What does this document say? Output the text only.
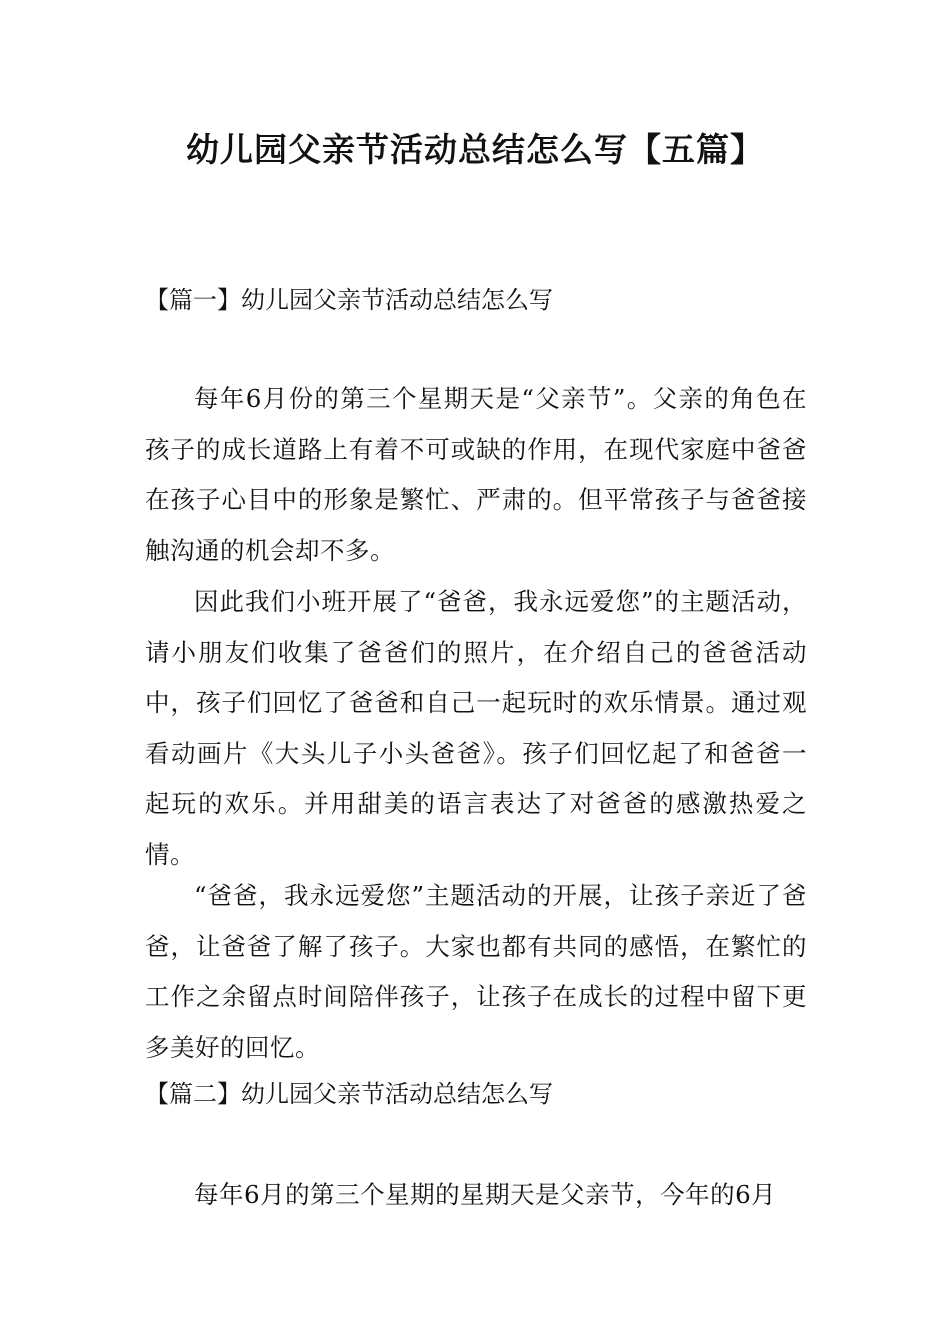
幼儿园父亲节活动总结怎么写【五篇】
【篇一】幼儿园父亲节活动总结怎么写
每年6月份的第三个星期天是“父亲节”。父亲的角色在孩子的成长道路上有着不可或缺的作用，在现代家庭中爸爸在孩子心目中的形象是繁忙、严肃的。但平常孩子与爸爸接触沟通的机会却不多。
因此我们小班开展了“爸爸，我永远爱您”的主题活动，请小朋友们收集了爸爸们的照片，在介绍自己的爸爸活动中，孩子们回忆了爸爸和自己一起玩时的欢乐情景。通过观看动画片《大头儿子小头爸爸》。孩子们回忆起了和爸爸一起玩的欢乐。并用甜美的语言表达了对爸爸的感激热爱之情。
“爸爸，我永远爱您”主题活动的开展，让孩子亲近了爸爸，让爸爸了解了孩子。大家也都有共同的感悟，在繁忙的工作之余留点时间陪伴孩子，让孩子在成长的过程中留下更多美好的回忆。
【篇二】幼儿园父亲节活动总结怎么写
每年6月的第三个星期的星期天是父亲节，今年的6月
